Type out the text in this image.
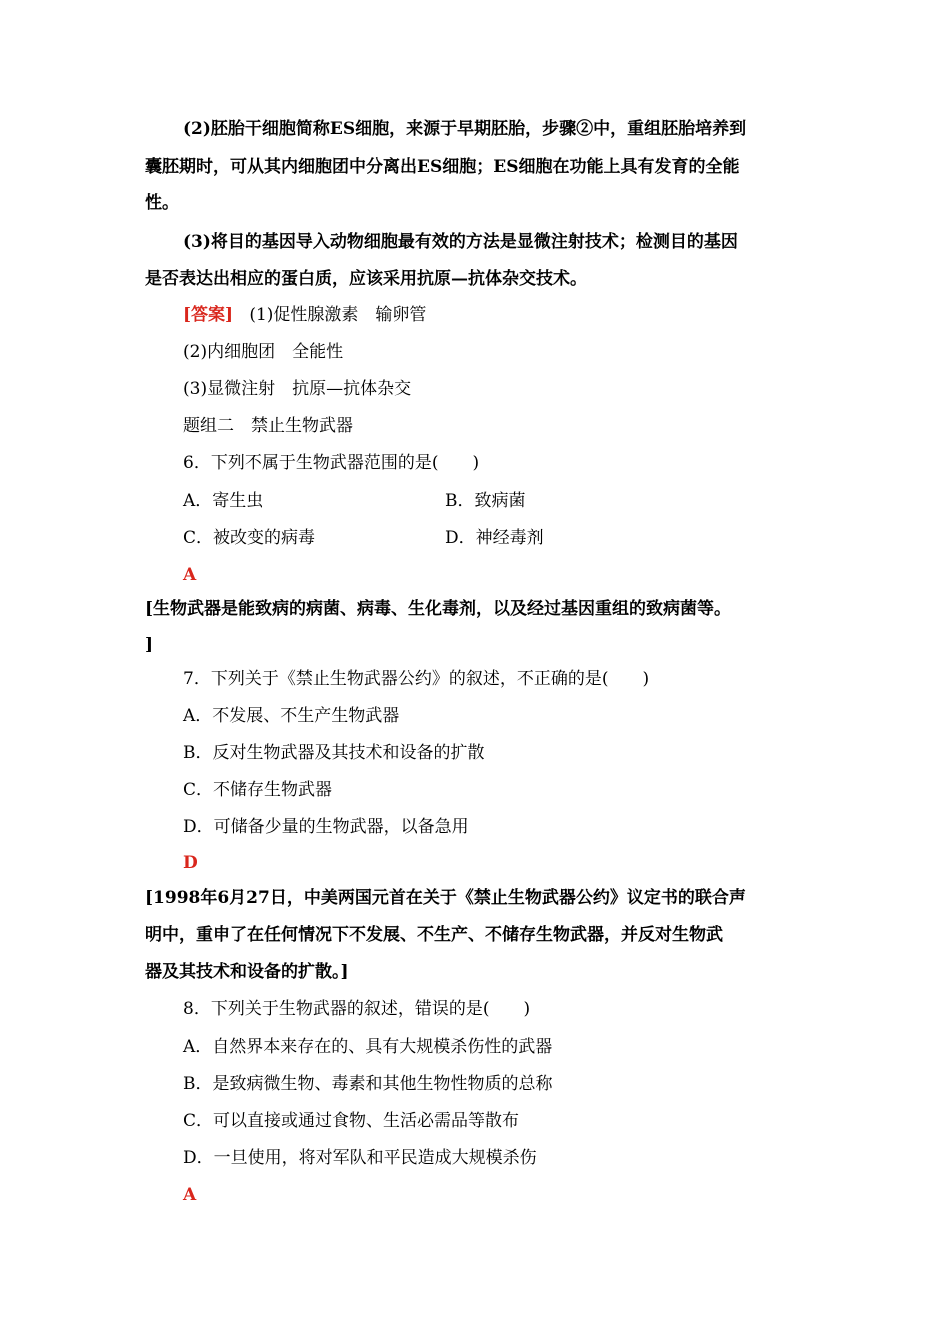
(2)胚胎干细胞简称ES细胞，来源于早期胚胎，步骤②中，重组胚胎培养到
囊胚期时，可从其内细胞团中分离出ES细胞；ES细胞在功能上具有发育的全能
性。
(3)将目的基因导入动物细胞最有效的方法是显微注射技术；检测目的基因
是否表达出相应的蛋白质，应该采用抗原—抗体杂交技术。
[答案] (1)促性腺激素　输卵管
(2)内细胞团　全能性
(3)显微注射　抗原—抗体杂交
题组二　禁止生物武器
6．下列不属于生物武器范围的是(　　)
A．寄生虫	B．致病菌
C．被改变的病毒	D．神经毒剂
A
[生物武器是能致病的病菌、病毒、生化毒剂，以及经过基因重组的致病菌等。
]
7．下列关于《禁止生物武器公约》的叙述，不正确的是(　　)
A．不发展、不生产生物武器
B．反对生物武器及其技术和设备的扩散
C．不储存生物武器
D．可储备少量的生物武器，以备急用
D
[1998年6月27日，中美两国元首在关于《禁止生物武器公约》议定书的联合声
明中，重申了在任何情况下不发展、不生产、不储存生物武器，并反对生物武
器及其技术和设备的扩散。]
8．下列关于生物武器的叙述，错误的是(　　)
A．自然界本来存在的、具有大规模杀伤性的武器
B．是致病微生物、毒素和其他生物性物质的总称
C．可以直接或通过食物、生活必需品等散布
D．一旦使用，将对军队和平民造成大规模杀伤
A
